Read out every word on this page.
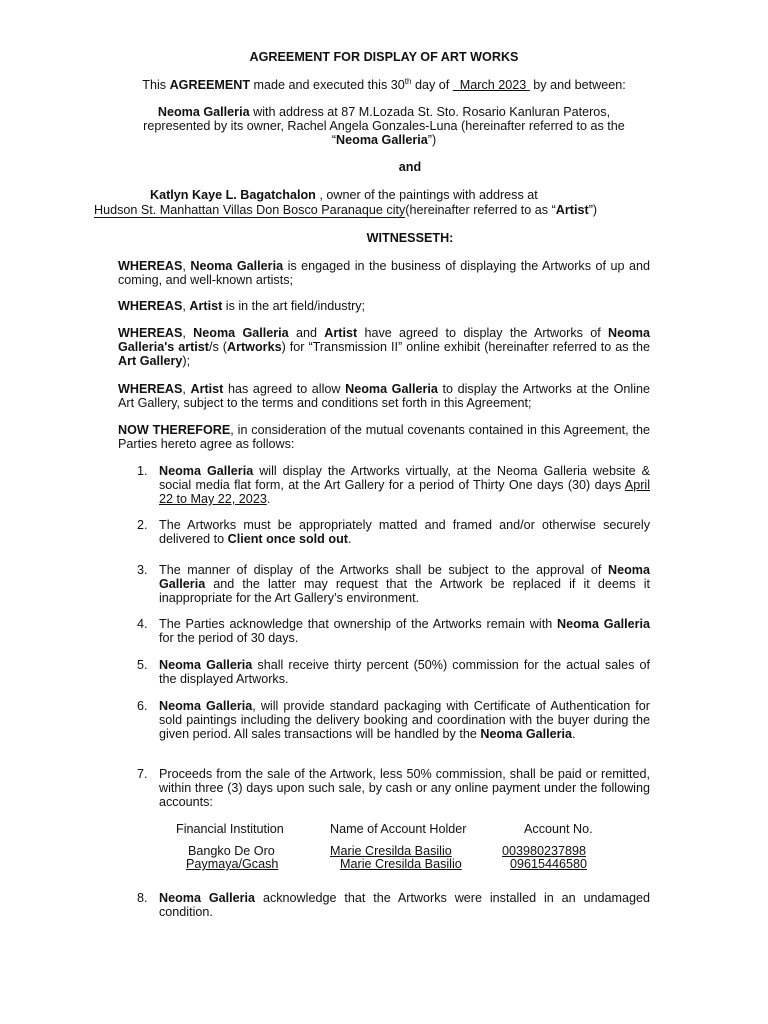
AGREEMENT FOR DISPLAY OF ART WORKS
This AGREEMENT made and executed this 30th day of   March 2023  by and between:
Neoma Galleria with address at 87 M.Lozada St. Sto. Rosario Kanluran Pateros,
represented by its owner, Rachel Angela Gonzales-Luna (hereinafter referred to as the
“Neoma Galleria”)
and
Katlyn Kaye L. Bagatchalon , owner of the paintings with address at
Hudson St. Manhattan Villas Don Bosco Paranaque city(hereinafter referred to as “Artist”)
WITNESSETH:
WHEREAS, Neoma Galleria is engaged in the business of displaying the Artworks of up and coming, and well-known artists;
WHEREAS, Artist is in the art field/industry;
WHEREAS, Neoma Galleria and Artist have agreed to display the Artworks of Neoma Galleria's artist/s (Artworks) for “Transmission II” online exhibit (hereinafter referred to as the Art Gallery);
WHEREAS, Artist has agreed to allow Neoma Galleria to display the Artworks at the Online Art Gallery, subject to the terms and conditions set forth in this Agreement;
NOW THEREFORE, in consideration of the mutual covenants contained in this Agreement, the Parties hereto agree as follows:
1. Neoma Galleria will display the Artworks virtually, at the Neoma Galleria website & social media flat form, at the Art Gallery for a period of Thirty One days (30) days April 22 to May 22, 2023.
2. The Artworks must be appropriately matted and framed and/or otherwise securely delivered to Client once sold out.
3. The manner of display of the Artworks shall be subject to the approval of Neoma Galleria and the latter may request that the Artwork be replaced if it deems it inappropriate for the Art Gallery’s environment.
4. The Parties acknowledge that ownership of the Artworks remain with Neoma Galleria for the period of 30 days.
5. Neoma Galleria shall receive thirty percent (50%) commission for the actual sales of the displayed Artworks.
6. Neoma Galleria, will provide standard packaging with Certificate of Authentication for sold paintings including the delivery booking and coordination with the buyer during the given period. All sales transactions will be handled by the Neoma Galleria.
7. Proceeds from the sale of the Artwork, less 50% commission, shall be paid or remitted, within three (3) days upon such sale, by cash or any online payment under the following accounts:
Financial Institution	Name of Account Holder	Account No.
Bangko De Oro	Marie Cresilda Basilio	003980237898
Paymaya/Gcash	Marie Cresilda Basilio	09615446580
8. Neoma Galleria acknowledge that the Artworks were installed in an undamaged condition.
